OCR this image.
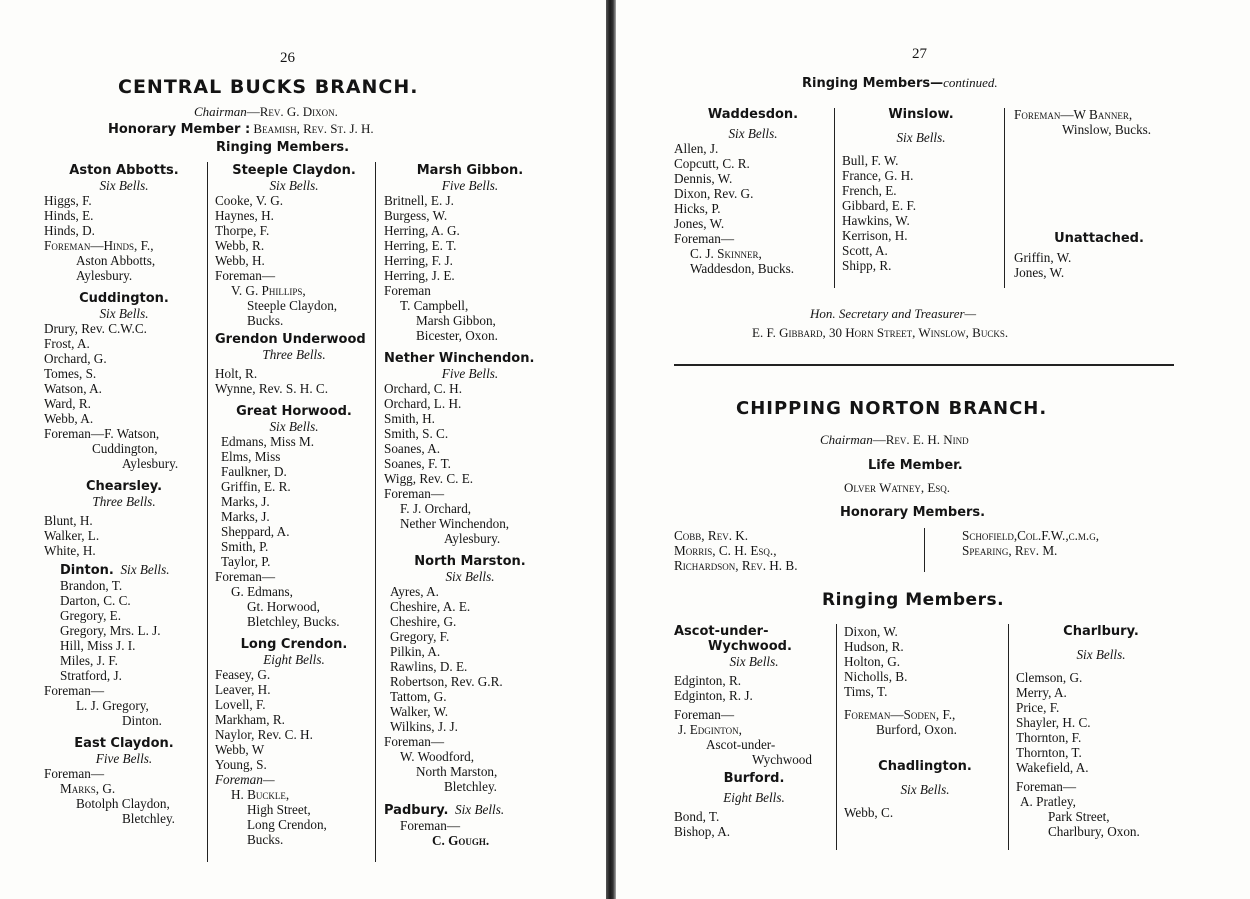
26
CENTRAL BUCKS BRANCH.
Chairman—Rev. G. Dixon.
Honorary Member : Beamish, Rev. St. J. H.
Ringing Members.
Aston Abbotts.
Six Bells.
Higgs, F.
Hinds, E.
Hinds, D.
Foreman—Hinds, F.,
Aston Abbotts,
Aylesbury.
Cuddington.
Six Bells.
Drury, Rev. C.W.C.
Frost, A.
Orchard, G.
Tomes, S.
Watson, A.
Ward, R.
Webb, A.
Foreman—F. Watson,
Cuddington,
Aylesbury.
Chearsley.
Three Bells.
Blunt, H.
Walker, L.
White, H.
Dinton. Six Bells.
Brandon, T.
Darton, C. C.
Gregory, E.
Gregory, Mrs. L. J.
Hill, Miss J. I.
Miles, J. F.
Stratford, J.
Foreman—
L. J. Gregory,
Dinton.
East Claydon.
Five Bells.
Foreman—
Marks, G.
Botolph Claydon,
Bletchley.
Steeple Claydon.
Six Bells.
Cooke, V. G.
Haynes, H.
Thorpe, F.
Webb, R.
Webb, H.
Foreman—
V. G. Phillips,
Steeple Claydon,
Bucks.
Grendon Underwood
Three Bells.
Holt, R.
Wynne, Rev. S. H. C.
Great Horwood.
Six Bells.
Edmans, Miss M.
Elms, Miss
Faulkner, D.
Griffin, E. R.
Marks, J.
Marks, J.
Sheppard, A.
Smith, P.
Taylor, P.
Foreman—
G. Edmans,
Gt. Horwood,
Bletchley, Bucks.
Long Crendon.
Eight Bells.
Feasey, G.
Leaver, H.
Lovell, F.
Markham, R.
Naylor, Rev. C. H.
Webb, W
Young, S.
Foreman—
H. Buckle,
High Street,
Long Crendon,
Bucks.
Marsh Gibbon.
Five Bells.
Britnell, E. J.
Burgess, W.
Herring, A. G.
Herring, E. T.
Herring, F. J.
Herring, J. E.
Foreman
T. Campbell,
Marsh Gibbon,
Bicester, Oxon.
Nether Winchendon.
Five Bells.
Orchard, C. H.
Orchard, L. H.
Smith, H.
Smith, S. C.
Soanes, A.
Soanes, F. T.
Wigg, Rev. C. E.
Foreman—
F. J. Orchard,
Nether Winchendon,
Aylesbury.
North Marston.
Six Bells.
Ayres, A.
Cheshire, A. E.
Cheshire, G.
Gregory, F.
Pilkin, A.
Rawlins, D. E.
Robertson, Rev. G.R.
Tattom, G.
Walker, W.
Wilkins, J. J.
Foreman—
W. Woodford,
North Marston,
Bletchley.
Padbury. Six Bells.
Foreman—
C. Gough.
27
Ringing Members—continued.
Waddesdon.
Six Bells.
Allen, J.
Copcutt, C. R.
Dennis, W.
Dixon, Rev. G.
Hicks, P.
Jones, W.
Foreman—
C. J. Skinner,
Waddesdon, Bucks.
Winslow.
Six Bells.
Bull, F. W.
France, G. H.
French, E.
Gibbard, E. F.
Hawkins, W.
Kerrison, H.
Scott, A.
Shipp, R.
Foreman—W Banner,
Winslow, Bucks.
Unattached.
Griffin, W.
Jones, W.
Hon. Secretary and Treasurer—
E. F. Gibbard, 30 Horn Street, Winslow, Bucks.
CHIPPING NORTON BRANCH.
Chairman—Rev. E. H. Nind
Life Member.
Olver Watney, Esq.
Honorary Members.
Cobb, Rev. K.
Morris, C. H. Esq.,
Richardson, Rev. H. B.
Schofield,Col.F.W.,c.m.g,
Spearing, Rev. M.
Ringing Members.
Ascot-under-
Wychwood.
Six Bells.
Edginton, R.
Edginton, R. J.
Foreman—
J. Edginton,
Ascot-under-
Wychwood
Burford.
Eight Bells.
Bond, T.
Bishop, A.
Dixon, W.
Hudson, R.
Holton, G.
Nicholls, B.
Tims, T.
Foreman—Soden, F.,
Burford, Oxon.
Chadlington.
Six Bells.
Webb, C.
Charlbury.
Six Bells.
Clemson, G.
Merry, A.
Price, F.
Shayler, H. C.
Thornton, F.
Thornton, T.
Wakefield, A.
Foreman—
A. Pratley,
Park Street,
Charlbury, Oxon.
